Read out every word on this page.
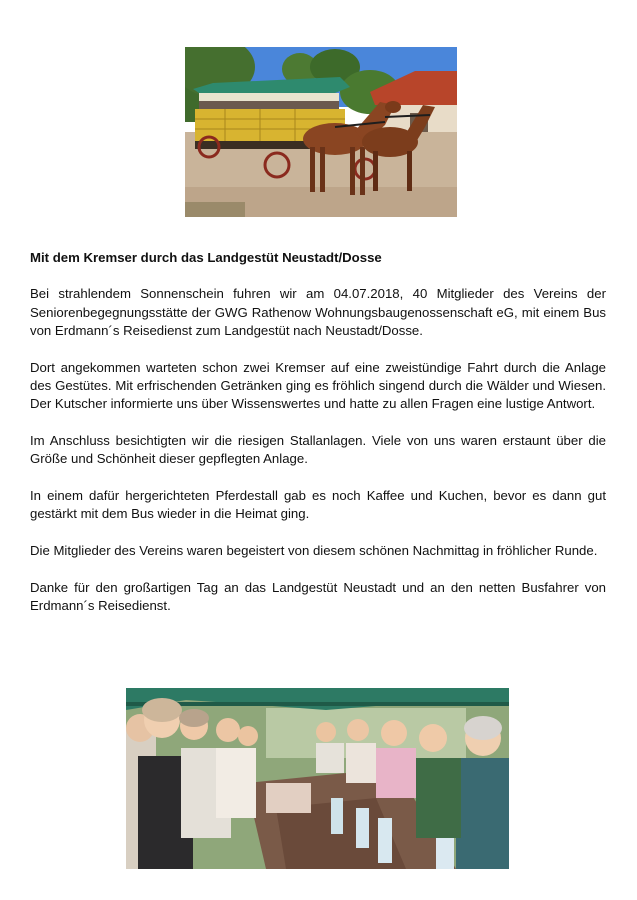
Mit dem Kremser durch das Landgestüt Neustadt/Dosse

Bei strahlendem Sonnenschein fuhren wir am 04.07.2018, 40 Mitglieder des Vereins der Seniorenbegegnungsstätte der GWG Rathenow Wohnungsbaugenossenschaft eG, mit einem Bus von Erdmann´s Reisedienst zum Landgestüt nach Neustadt/Dosse.

Dort angekommen warteten schon zwei Kremser auf eine zweistündige Fahrt durch die Anlage des Gestütes. Mit erfrischenden Getränken ging es fröhlich singend durch die Wälder und Wiesen. Der Kutscher informierte uns über Wissenswertes und hatte zu allen Fragen eine lustige Antwort.

Im Anschluss besichtigten wir die riesigen Stallanlagen. Viele von uns waren erstaunt über die Größe und Schönheit dieser gepflegten Anlage.

In einem dafür hergerichteten Pferdestall gab es noch Kaffee und Kuchen, bevor es dann gut gestärkt mit dem Bus wieder in die Heimat ging.

Die Mitglieder des Vereins waren begeistert von diesem schönen Nachmittag in fröhlicher Runde.

Danke für den großartigen Tag an das Landgestüt Neustadt und an den netten Busfahrer von Erdmann´s Reisedienst.
